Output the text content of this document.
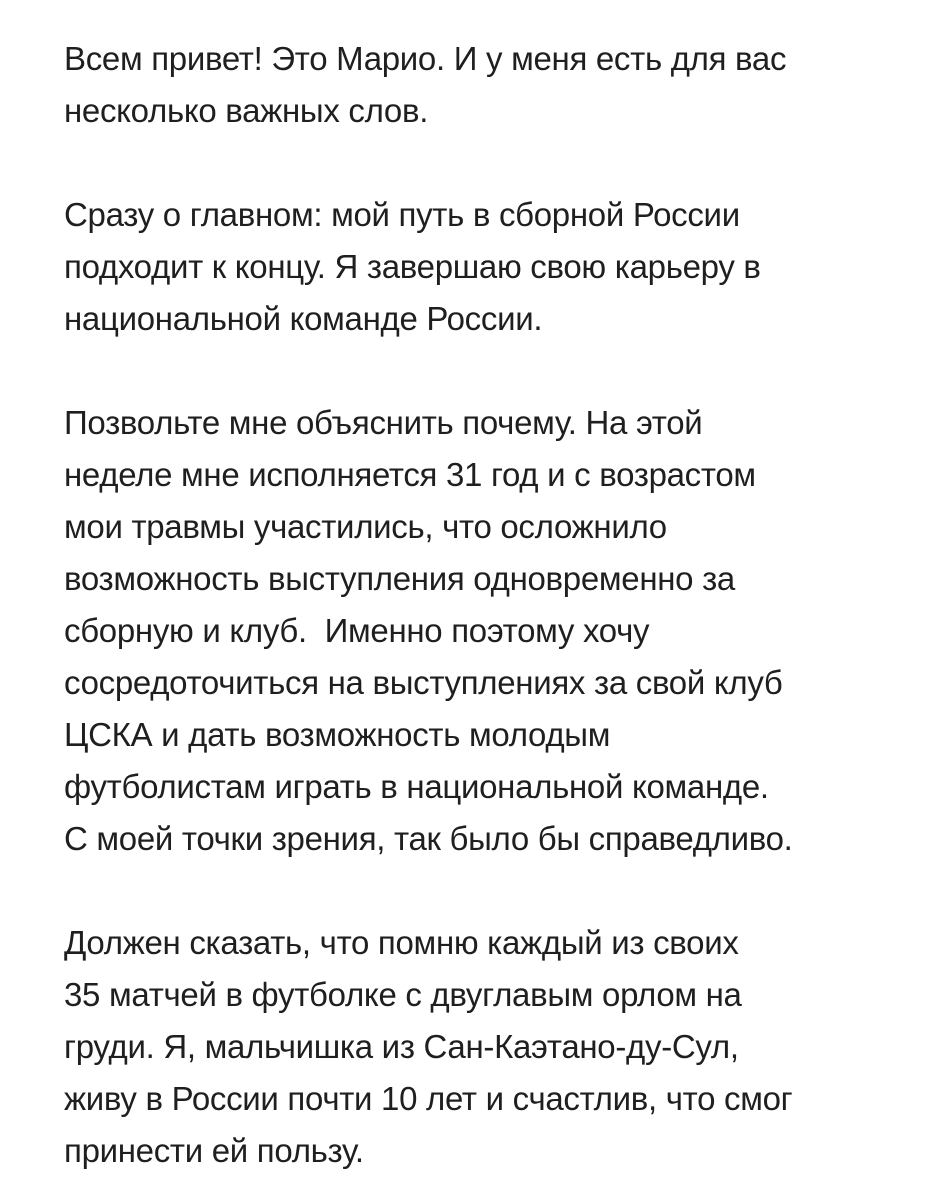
Всем привет! Это Марио. И у меня есть для вас
несколько важных слов.

Сразу о главном: мой путь в сборной России
подходит к концу. Я завершаю свою карьеру в
национальной команде России.

Позвольте мне объяснить почему. На этой
неделе мне исполняется 31 год и с возрастом
мои травмы участились, что осложнило
возможность выступления одновременно за
сборную и клуб.  Именно поэтому хочу
сосредоточиться на выступлениях за свой клуб
ЦСКА и дать возможность молодым
футболистам играть в национальной команде.
С моей точки зрения, так было бы справедливо.

Должен сказать, что помню каждый из своих
35 матчей в футболке с двуглавым орлом на
груди. Я, мальчишка из Сан-Каэтано-ду-Сул,
живу в России почти 10 лет и счастлив, что смог
принести ей пользу.
